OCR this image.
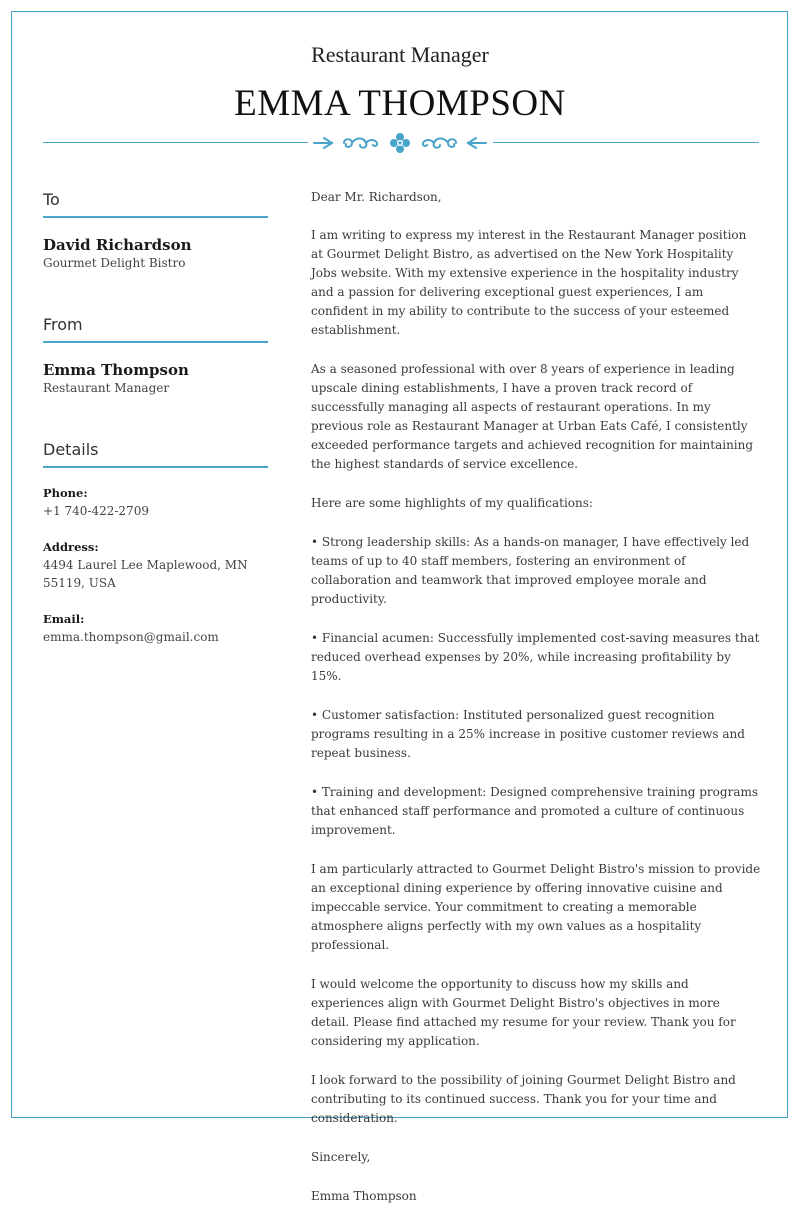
Restaurant Manager
EMMA THOMPSON
To
David Richardson
Gourmet Delight Bistro
From
Emma Thompson
Restaurant Manager
Details
Phone:
+1 740-422-2709
Address:
4494 Laurel Lee Maplewood, MN 55119, USA
Email:
emma.thompson@gmail.com

Dear Mr. Richardson,

I am writing to express my interest in the Restaurant Manager position at Gourmet Delight Bistro, as advertised on the New York Hospitality Jobs website. With my extensive experience in the hospitality industry and a passion for delivering exceptional guest experiences, I am confident in my ability to contribute to the success of your esteemed establishment.

As a seasoned professional with over 8 years of experience in leading upscale dining establishments, I have a proven track record of successfully managing all aspects of restaurant operations. In my previous role as Restaurant Manager at Urban Eats Café, I consistently exceeded performance targets and achieved recognition for maintaining the highest standards of service excellence.

Here are some highlights of my qualifications:

• Strong leadership skills: As a hands-on manager, I have effectively led teams of up to 40 staff members, fostering an environment of collaboration and teamwork that improved employee morale and productivity.

• Financial acumen: Successfully implemented cost-saving measures that reduced overhead expenses by 20%, while increasing profitability by 15%.

• Customer satisfaction: Instituted personalized guest recognition programs resulting in a 25% increase in positive customer reviews and repeat business.

• Training and development: Designed comprehensive training programs that enhanced staff performance and promoted a culture of continuous improvement.

I am particularly attracted to Gourmet Delight Bistro's mission to provide an exceptional dining experience by offering innovative cuisine and impeccable service. Your commitment to creating a memorable atmosphere aligns perfectly with my own values as a hospitality professional.

I would welcome the opportunity to discuss how my skills and experiences align with Gourmet Delight Bistro's objectives in more detail. Please find attached my resume for your review. Thank you for considering my application.

I look forward to the possibility of joining Gourmet Delight Bistro and contributing to its continued success. Thank you for your time and consideration.

Sincerely,

Emma Thompson
